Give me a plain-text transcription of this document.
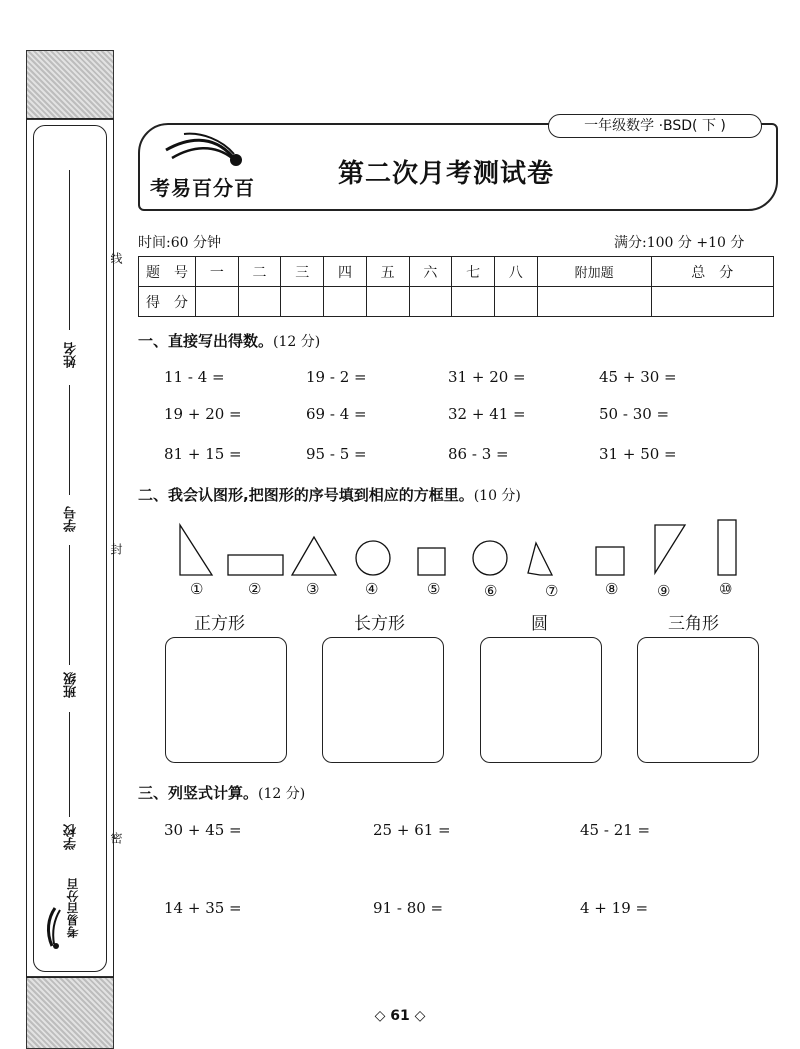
姓名
学号
班级
学校
考易百分百
线
封
密
考易百分百	第二次月考测试卷
一年级数学 ·BSD( 下 )
时间:60 分钟	满分:100 分 +10 分
题　号	一	二	三	四	五	六	七	八	附加题	总　分
得　分										
一、直接写出得数。(12 分)
11 - 4 =	19 - 2 =	31 + 20 =	45 + 30 =
19 + 20 =	69 - 4 =	32 + 41 =	50 - 30 =
81 + 15 =	95 - 5 =	86 - 3 =	31 + 50 =
二、我会认图形,把图形的序号填到相应的方框里。(10 分)
①	②	③	④	⑤	⑥	⑦	⑧	⑨	⑩
正方形	长方形	圆	三角形
三、列竖式计算。(12 分)
30 + 45 =	25 + 61 =	45 - 21 =
14 + 35 =	91 - 80 =	4 + 19 =
◇ 61 ◇
